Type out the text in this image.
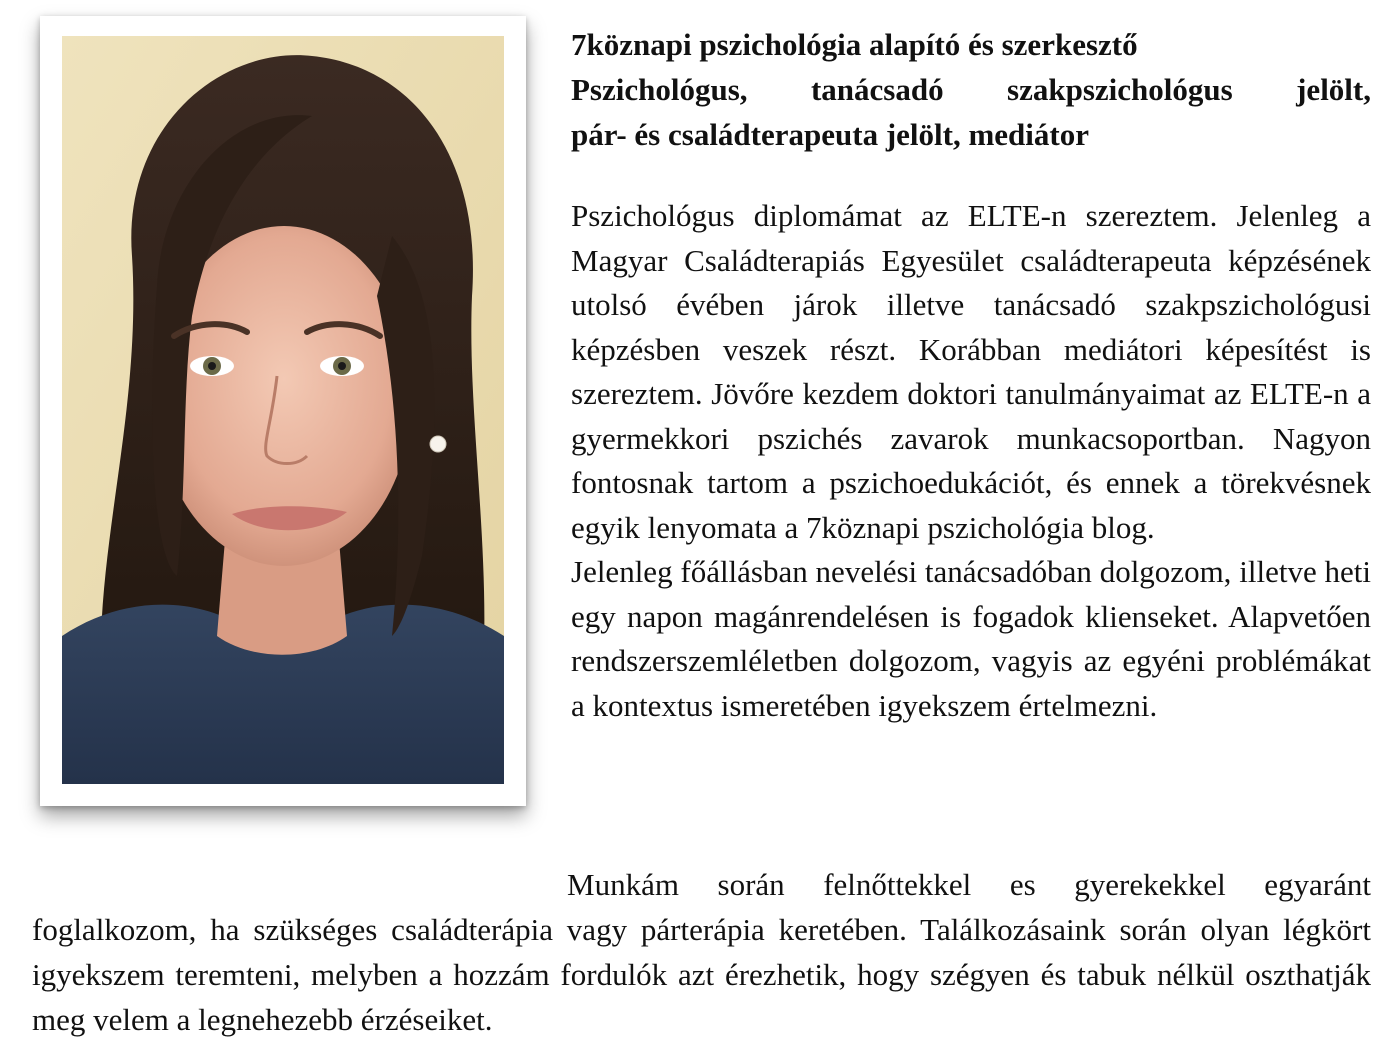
7köznapi pszichológia alapító és szerkesztő
Pszichológus, tanácsadó szakpszichológus jelölt,
pár- és családterapeuta jelölt, mediátor

Pszichológus diplomámat az ELTE-n szereztem. Jelenleg a Magyar Családterapiás Egyesület családterapeuta képzésének utolsó évében járok illetve tanácsadó szakpszichológusi képzésben veszek részt. Korábban mediátori képesítést is szereztem. Jövőre kezdem doktori tanulmányaimat az ELTE-n a gyermekkori pszichés zavarok munkacsoportban. Nagyon fontosnak tartom a pszichoedukációt, és ennek a törekvésnek egyik lenyomata a 7köznapi pszichológia blog.

Jelenleg főállásban nevelési tanácsadóban dolgozom, illetve heti egy napon magánrendelésen is fogadok klienseket. Alapvetően rendszerszemléletben dolgozom, vagyis az egyéni problémákat a kontextus ismeretében igyekszem értelmezni.

Munkám során felnőttekkel es gyerekekkel egyaránt foglalkozom, ha szükséges családterápia vagy párterápia keretében. Találkozásaink során olyan légkört igyekszem teremteni, melyben a hozzám fordulók azt érezhetik, hogy szégyen és tabuk nélkül oszthatják meg velem a legnehezebb érzéseiket.
